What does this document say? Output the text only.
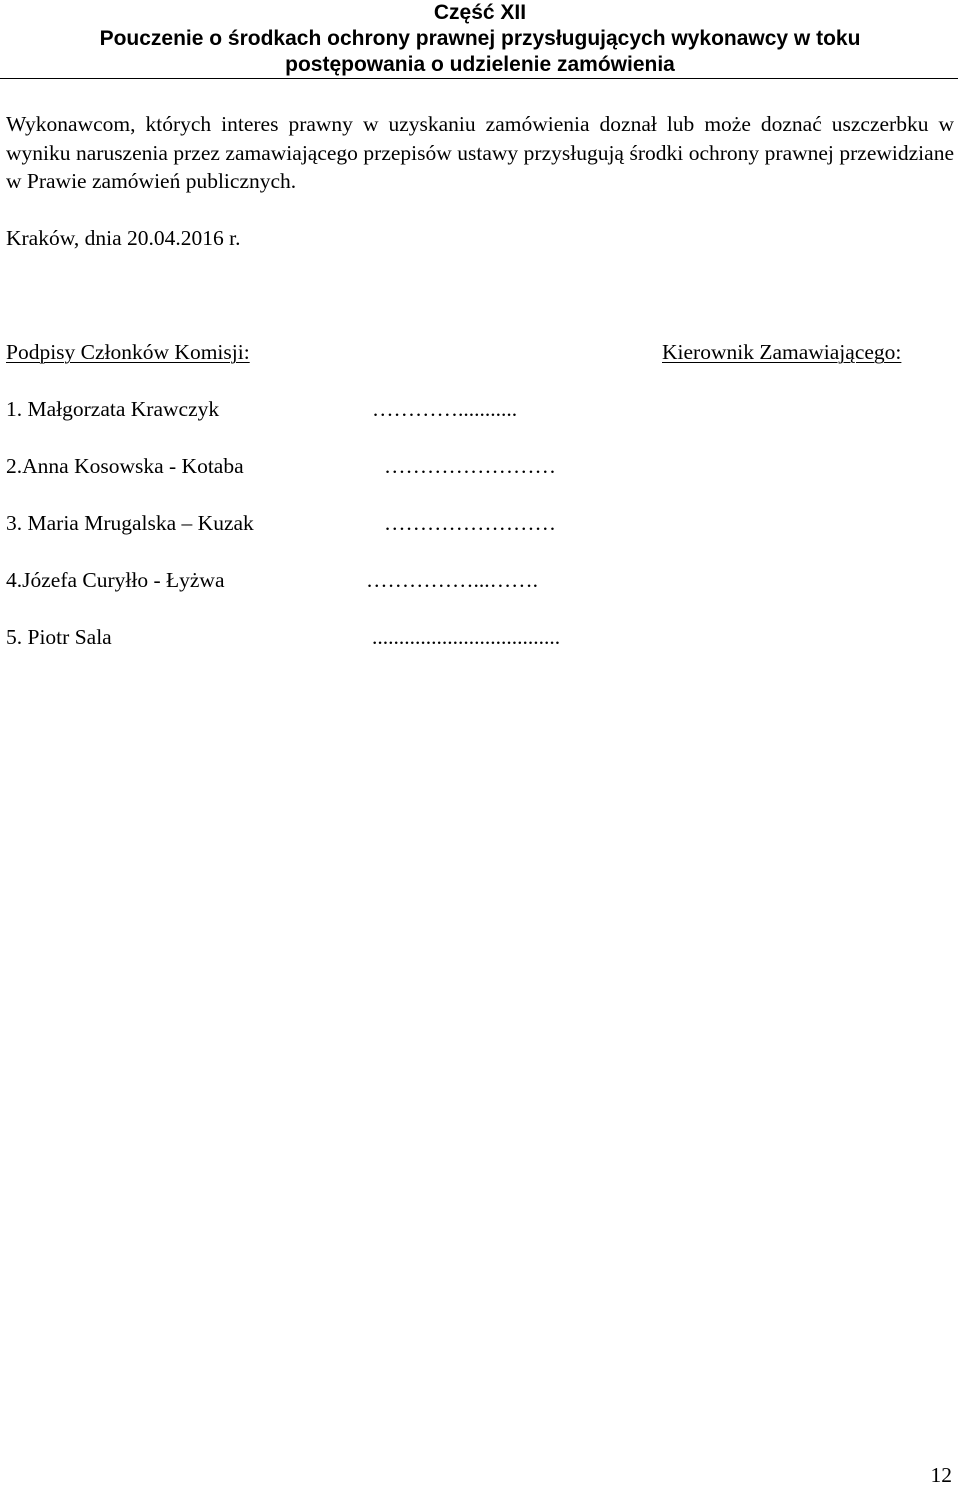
Część XII
Pouczenie o środkach ochrony prawnej przysługujących wykonawcy w toku
postępowania o udzielenie zamówienia
Wykonawcom, których interes prawny w uzyskaniu zamówienia doznał lub może doznać uszczerbku w wyniku naruszenia przez zamawiającego przepisów ustawy przysługują środki ochrony prawnej przewidziane w Prawie zamówień publicznych.
Kraków, dnia 20.04.2016 r.
Podpisy Członków Komisji:	Kierownik Zamawiającego:
1. Małgorzata Krawczyk	…………...........
2.Anna Kosowska - Kotaba	……………………
3. Maria Mrugalska – Kuzak	……………………
4.Józefa Curyłło - Łyżwa	……………...…….
5. Piotr Sala	...................................
12
